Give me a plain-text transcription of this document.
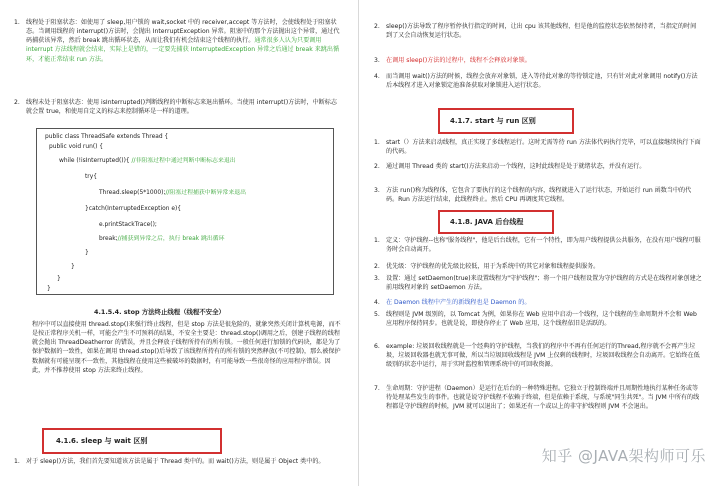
1. 线程处于阻塞状态：如使用了 sleep,用户锁的 wait,socket 中的 receiver,accept 等方法时，会使线程处于阻塞状态。当调用线程的 interrupt()方法时，会抛出 InterruptException 异常。阻塞中的那个方法抛出这个异常，通过代码捕获该异常，然后 break 跳出循环状态，从而让我们有机会结束这个线程的执行。通常很多人认为只要调用 interrupt 方法线程就会结束，实际上是错的，一定要先捕获 InterruptedException 异常之后通过 break 来跳出循环，才能正常结束 run 方法。
2. 线程未处于阻塞状态：使用 isInterrupted()判断线程的中断标志来退出循环。当使用 interrupt()方法时，中断标志就会置 true，和使用自定义的标志来控制循环是一样的道理。
public class ThreadSafe extends Thread {
public void run() {
while (!isInterrupted()){ //非阻塞过程中通过判断中断标志来退出
try{
Thread.sleep(5*1000);//阻塞过程捕获中断异常来退出
}catch(InterruptedException e){
e.printStackTrace();
break;//捕获到异常之后，执行 break 跳出循环
}
}
}
}
4.1.5.4. stop 方法终止线程（线程不安全）
程序中可以直接使用 thread.stop()来强行终止线程，但是 stop 方法是很危险的，就象突然关闭计算机电源，而不是按正常程序关机一样，可能会产生不可预料的结果，不安全主要是：thread.stop()调用之后，创建子线程的线程就会抛出 ThreadDeatherror 的错误，并且会释放子线程所持有的所有锁。一般任何进行加锁的代码块，都是为了保护数据的一致性，如果在调用 thread.stop()后导致了该线程所持有的所有锁的突然释放(不可控制)，那么被保护数据就有可能呈现不一致性，其他线程在使用这些被破坏的数据时，有可能导致一些很奇怪的应用程序错误。因此，并不推荐使用 stop 方法来终止线程。
4.1.6. sleep 与 wait 区别
1. 对于 sleep()方法，我们首先要知道该方法是属于 Thread 类中的。而 wait()方法，则是属于 Object 类中的。
2. sleep()方法导致了程序暂停执行指定的时间，让出 cpu 该其他线程，但是他的监控状态依然保持者，当指定的时间到了又会自动恢复运行状态。
3. 在调用 sleep()方法的过程中，线程不会释放对象锁。
4. 而当调用 wait()方法的时候，线程会放弃对象锁，进入等待此对象的等待锁定池，只有针对此对象调用 notify()方法后本线程才进入对象锁定池准备获取对象锁进入运行状态。
4.1.7. start 与 run 区别
1. start（）方法来启动线程，真正实现了多线程运行。这时无需等待 run 方法体代码执行完毕，可以直接继续执行下面的代码。
2. 通过调用 Thread 类的 start()方法来启动一个线程，这时此线程是处于就绪状态，并没有运行。
3. 方法 run()称为线程体，它包含了要执行的这个线程的内容，线程就进入了运行状态，开始运行 run 函数当中的代码。Run 方法运行结束，此线程终止。然后 CPU 再调度其它线程。
4.1.8. JAVA 后台线程
1. 定义：守护线程--也称"服务线程"，他是后台线程，它有一个特性，即为用户线程提供公共服务，在没有用户线程可服务时会自动离开。
2. 优先级：守护线程的优先级比较低，用于为系统中的其它对象和线程提供服务。
3. 设置：通过 setDaemon(true)来设置线程为"守护线程"；将一个用户线程设置为守护线程的方式是在线程对象创建之前用线程对象的 setDaemon 方法。
4. 在 Daemon 线程中产生的新线程也是 Daemon 的。
5. 线程则是 JVM 级别的，以 Tomcat 为例，如果你在 Web 应用中启动一个线程，这个线程的生命周期并不会和 Web 应用程序保持同步。也就是说，即使你停止了 Web 应用，这个线程依旧是活跃的。
6. example: 垃圾回收线程就是一个经典的守护线程，当我们的程序中不再有任何运行的Thread,程序就不会再产生垃圾，垃圾回收器也就无事可做，所以当垃圾回收线程是 JVM 上仅剩的线程时，垃圾回收线程会自动离开。它始终在低级别的状态中运行，用于实时监控和管理系统中的可回收资源。
7. 生命周期：守护进程（Daemon）是运行在后台的一种特殊进程。它独立于控制终端并且周期性地执行某种任务或等待处理某些发生的事件。也就是说守护线程不依赖于终端，但是依赖于系统，与系统"同生共死"。当 JVM 中所有的线程都是守护线程的时候，JVM 就可以退出了；如果还有一个或以上的非守护线程则 JVM 不会退出。
知乎 @JAVA架构师可乐
